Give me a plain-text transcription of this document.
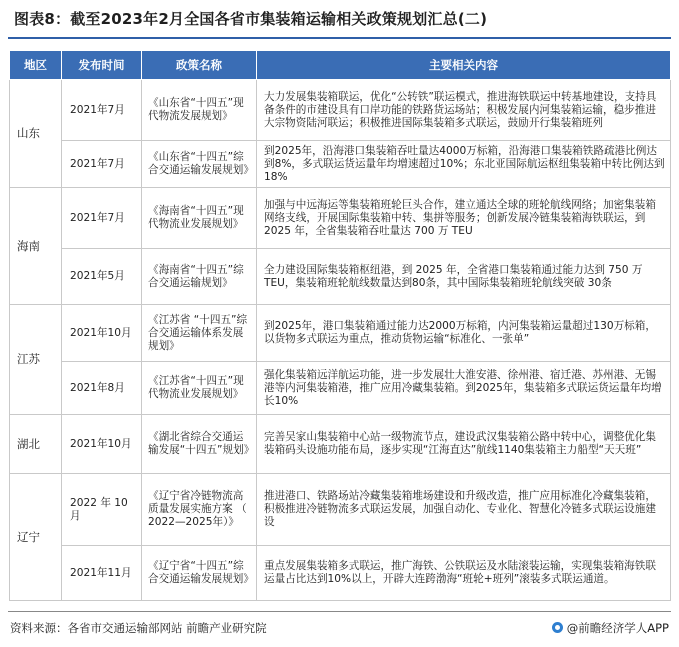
图表8：截至2023年2月全国各省市集装箱运输相关政策规划汇总(二)
地区	发布时间	政策名称	主要相关内容
山东	2021年7月	《山东省“十四五”现代物流发展规划》	大力发展集装箱联运，优化“公转铁”联运模式，推进海铁联运中转基地建设，支持具备条件的市建设具有口岸功能的铁路货运场站；积极发展内河集装箱运输，稳步推进大宗物资陆河联运；积极推进国际集装箱多式联运，鼓励开行集装箱班列
	2021年7月	《山东省“十四五”综合交通运输发展规划》	到2025年，沿海港口集装箱吞吐量达4000万标箱，沿海港口集装箱铁路疏港比例达到8%，多式联运货运量年均增速超过10%；东北亚国际航运枢纽集装箱中转比例达到18%
海南	2021年7月	《海南省“十四五”现代物流业发展规划》	加强与中远海运等集装箱班轮巨头合作，建立通达全球的班轮航线网络；加密集装箱网络支线，开展国际集装箱中转、集拼等服务；创新发展冷链集装箱海铁联运，到 2025 年，全省集装箱吞吐量达 700 万 TEU
	2021年5月	《海南省“十四五”综合交通运输规划》	全力建设国际集装箱枢纽港，到 2025 年，全省港口集装箱通过能力达到 750 万 TEU，集装箱班轮航线数量达到80条，其中国际集装箱班轮航线突破 30条
江苏	2021年10月	《江苏省 “十四五”综合交通运输体系发展规划》	到2025年，港口集装箱通过能力达2000万标箱，内河集装箱运量超过130万标箱，以货物多式联运为重点，推动货物运输“标准化、一张单”
	2021年8月	《江苏省“十四五”现代物流业发展规划》	强化集装箱远洋航运功能，进一步发展壮大淮安港、徐州港、宿迁港、苏州港、无锡港等内河集装箱港，推广应用冷藏集装箱。到2025年，集装箱多式联运货运量年均增长10%
湖北	2021年10月	《湖北省综合交通运输发展“十四五”规划》	完善吴家山集装箱中心站一级物流节点，建设武汉集装箱公路中转中心，调整优化集装箱码头设施功能布局，逐步实现“江海直达”航线1140集装箱主力船型“天天班”
辽宁	2022 年 10 月	《辽宁省冷链物流高质量发展实施方案 （ 2022—2025年）》	推进港口、铁路场站冷藏集装箱堆场建设和升级改造，推广应用标准化冷藏集装箱，积极推进冷链物流多式联运发展，加强自动化、专业化、智慧化冷链多式联运设施建设
	2021年11月	《辽宁省“十四五”综合交通运输发展规划》	重点发展集装箱多式联运，推广海铁、公铁联运及水陆滚装运输，实现集装箱海铁联运量占比达到10%以上，开辟大连跨渤海“班轮+班列”滚装多式联运通道。
资料来源：各省市交通运输部网站 前瞻产业研究院	@前瞻经济学人APP
